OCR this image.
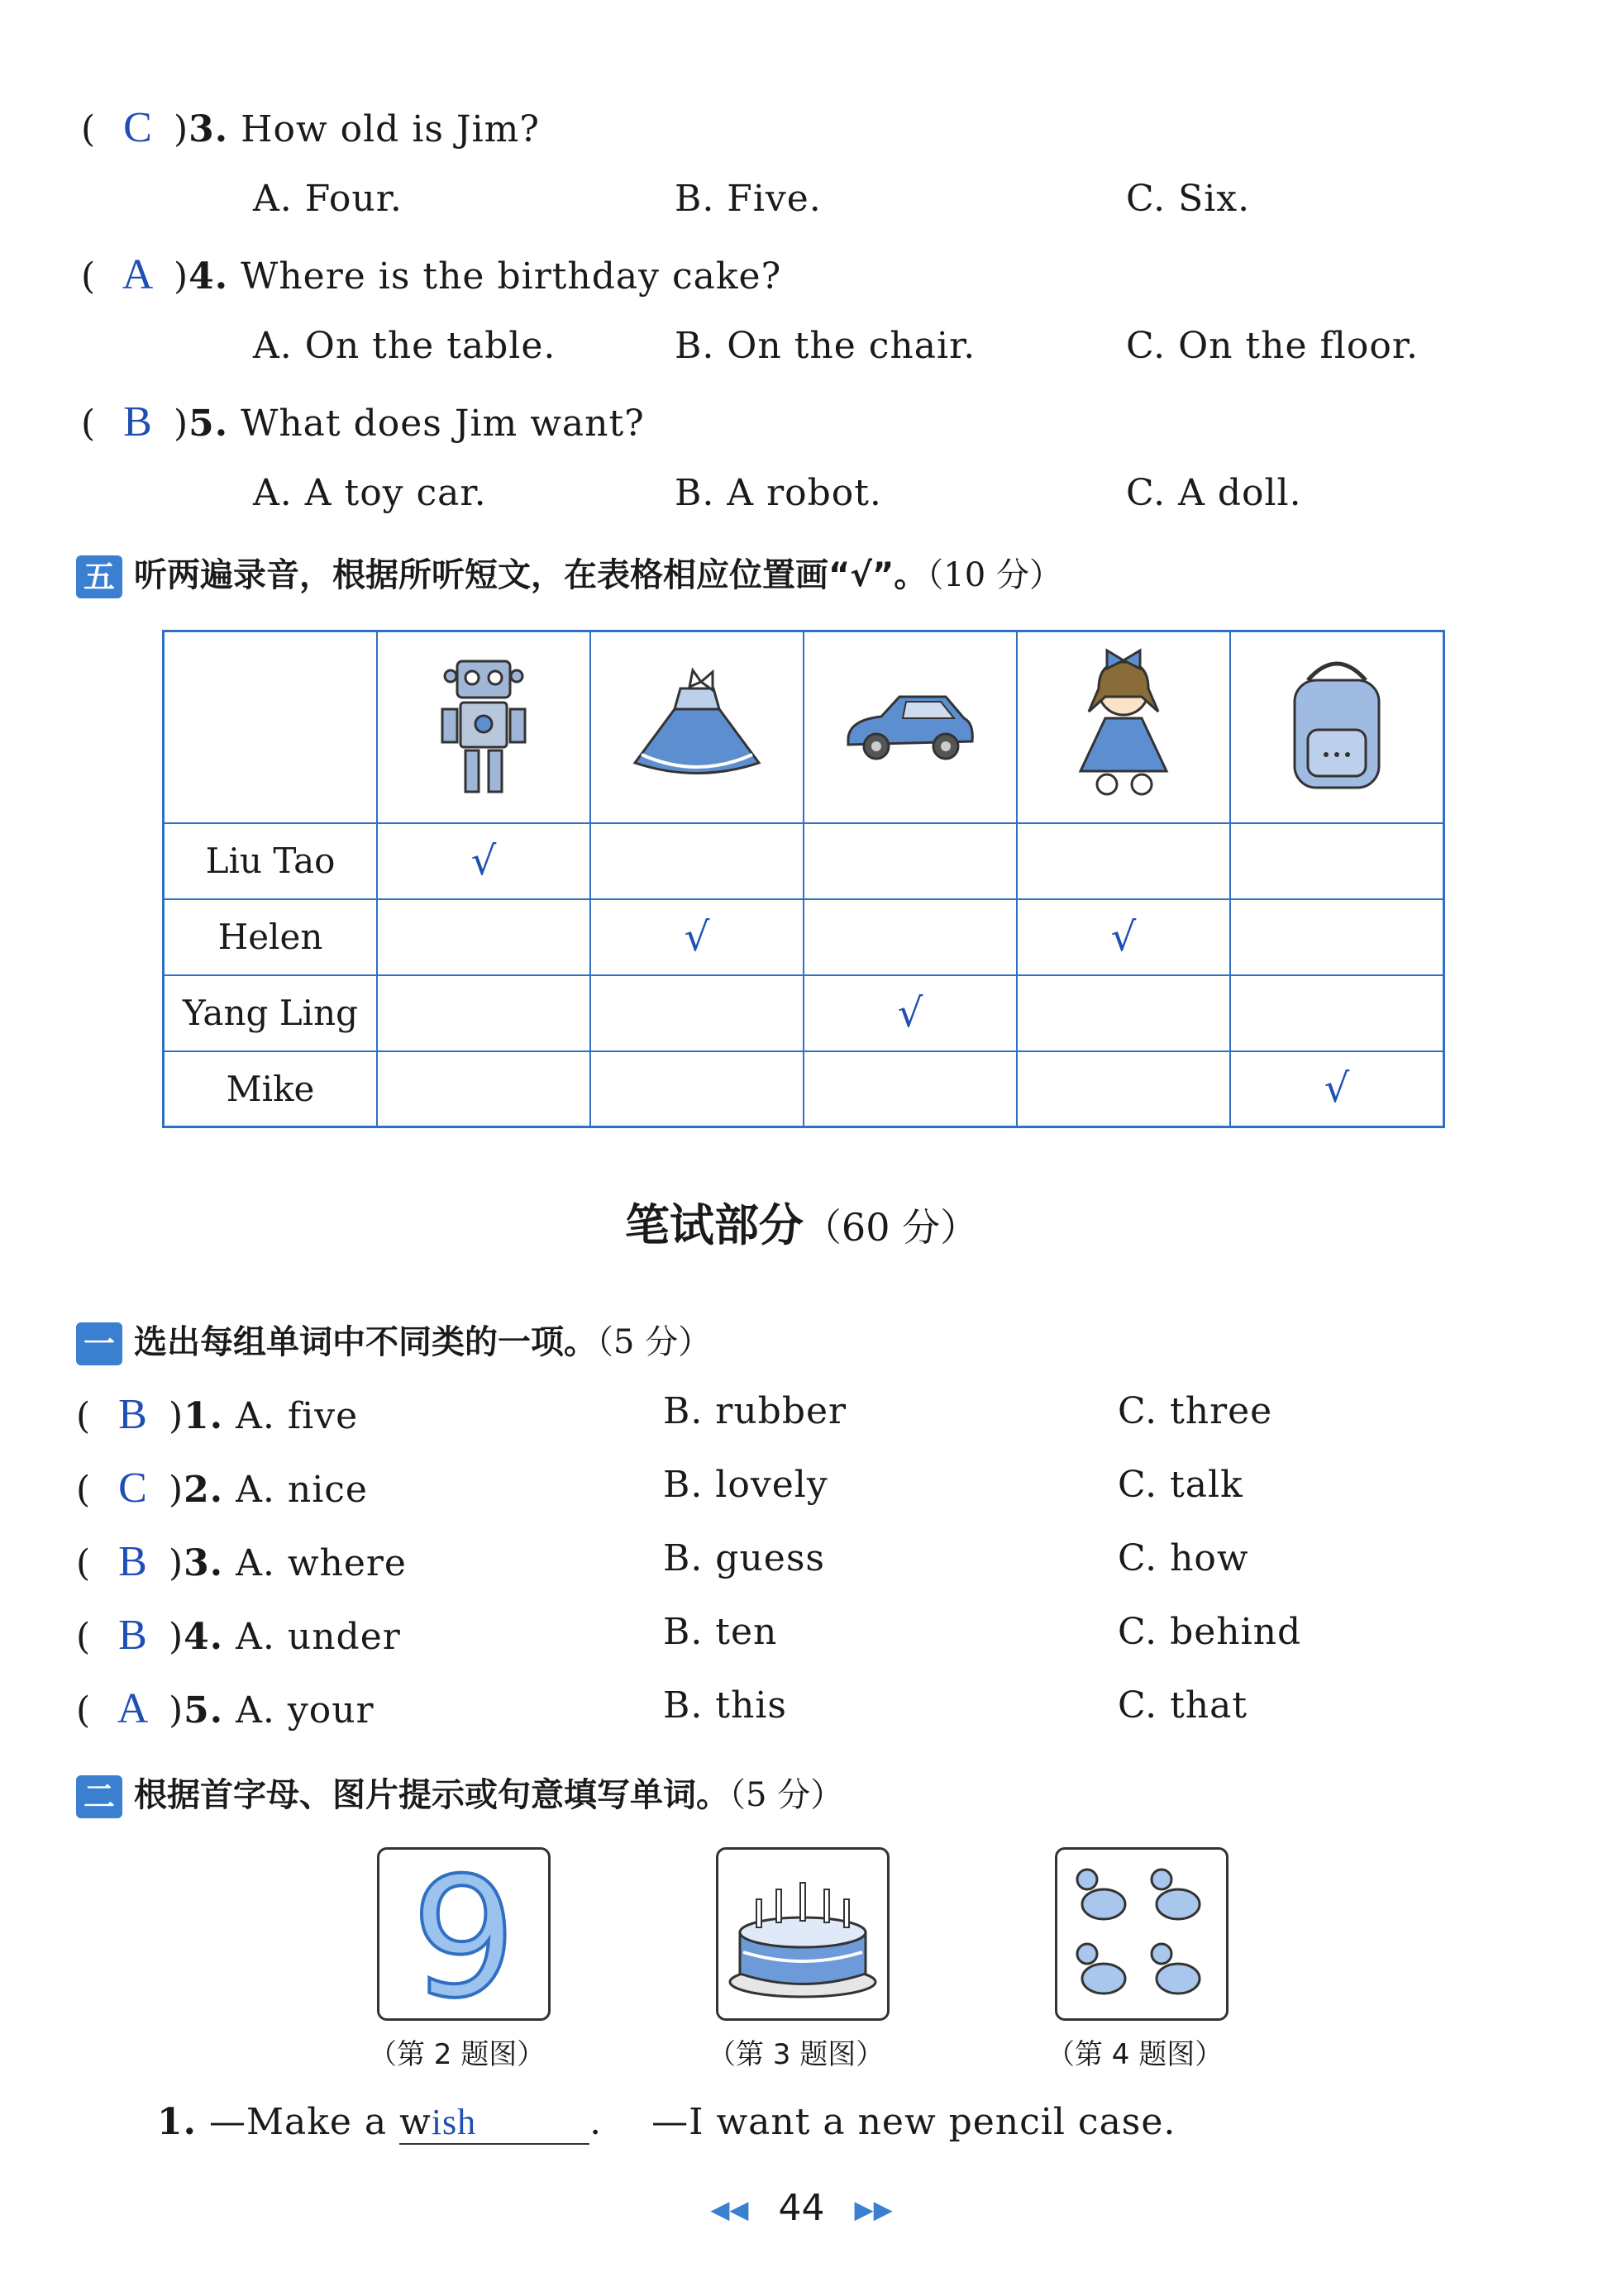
( C )3. How old is Jim?
A. Four.	B. Five.	C. Six.
( A )4. Where is the birthday cake?
A. On the table.	B. On the chair.	C. On the floor.
( B )5. What does Jim want?
A. A toy car.	B. A robot.	C. A doll.
五 听两遍录音，根据所听短文，在表格相应位置画“√”。（10 分）

Liu Tao	√				
Helen		√		√	
Yang Ling			√		
Mike					√
笔试部分（60 分）
一 选出每组单词中不同类的一项。（5 分）
( B )1. A. five	B. rubber	C. three
( C )2. A. nice	B. lovely	C. talk
( B )3. A. where	B. guess	C. how
( B )4. A. under	B. ten	C. behind
( A )5. A. your	B. this	C. that
二 根据首字母、图片提示或句意填写单词。（5 分）
9
（第 2 题图）	（第 3 题图）	（第 4 题图）
1. —Make a wish	. —I want a new pencil case.
◀◀ 44 ▶▶
